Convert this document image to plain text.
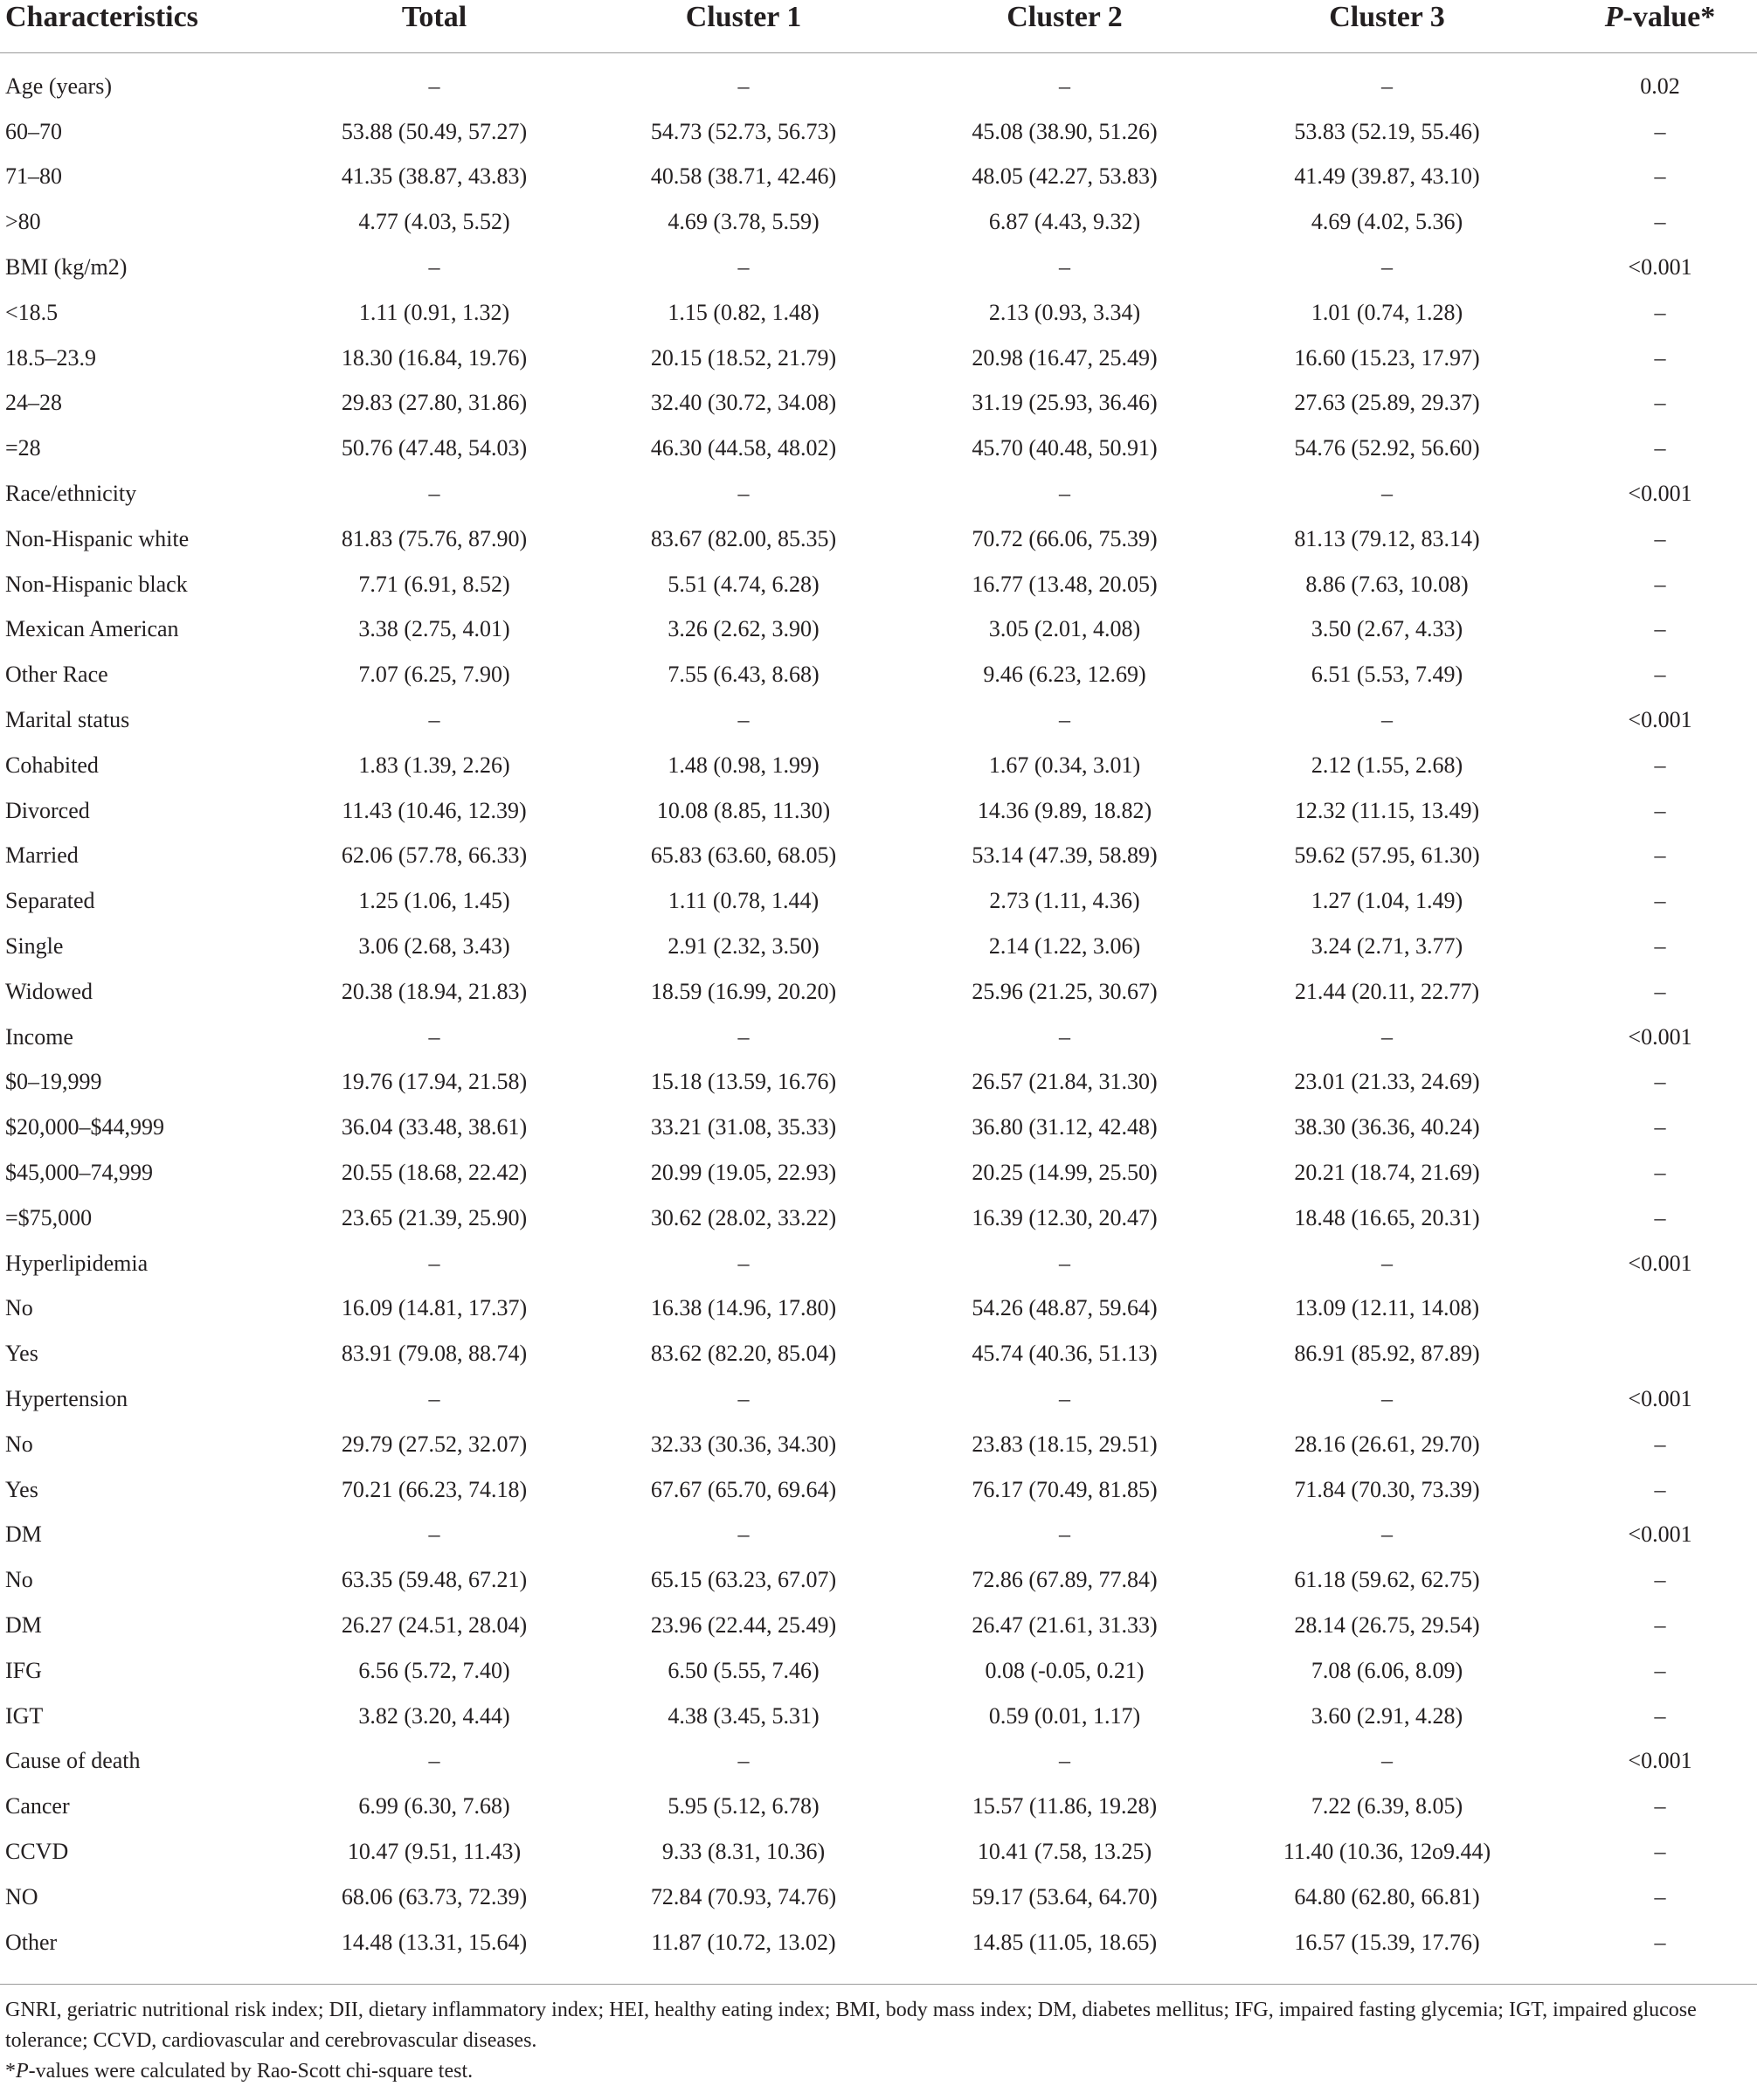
Characteristics	Total	Cluster 1	Cluster 2	Cluster 3	P-value*
Age (years)	–	–	–	–	0.02
60–70	53.88 (50.49, 57.27)	54.73 (52.73, 56.73)	45.08 (38.90, 51.26)	53.83 (52.19, 55.46)	–
71–80	41.35 (38.87, 43.83)	40.58 (38.71, 42.46)	48.05 (42.27, 53.83)	41.49 (39.87, 43.10)	–
>80	4.77 (4.03, 5.52)	4.69 (3.78, 5.59)	6.87 (4.43, 9.32)	4.69 (4.02, 5.36)	–
BMI (kg/m2)	–	–	–	–	<0.001
<18.5	1.11 (0.91, 1.32)	1.15 (0.82, 1.48)	2.13 (0.93, 3.34)	1.01 (0.74, 1.28)	–
18.5–23.9	18.30 (16.84, 19.76)	20.15 (18.52, 21.79)	20.98 (16.47, 25.49)	16.60 (15.23, 17.97)	–
24–28	29.83 (27.80, 31.86)	32.40 (30.72, 34.08)	31.19 (25.93, 36.46)	27.63 (25.89, 29.37)	–
=28	50.76 (47.48, 54.03)	46.30 (44.58, 48.02)	45.70 (40.48, 50.91)	54.76 (52.92, 56.60)	–
Race/ethnicity	–	–	–	–	<0.001
Non-Hispanic white	81.83 (75.76, 87.90)	83.67 (82.00, 85.35)	70.72 (66.06, 75.39)	81.13 (79.12, 83.14)	–
Non-Hispanic black	7.71 (6.91, 8.52)	5.51 (4.74, 6.28)	16.77 (13.48, 20.05)	8.86 (7.63, 10.08)	–
Mexican American	3.38 (2.75, 4.01)	3.26 (2.62, 3.90)	3.05 (2.01, 4.08)	3.50 (2.67, 4.33)	–
Other Race	7.07 (6.25, 7.90)	7.55 (6.43, 8.68)	9.46 (6.23, 12.69)	6.51 (5.53, 7.49)	–
Marital status	–	–	–	–	<0.001
Cohabited	1.83 (1.39, 2.26)	1.48 (0.98, 1.99)	1.67 (0.34, 3.01)	2.12 (1.55, 2.68)	–
Divorced	11.43 (10.46, 12.39)	10.08 (8.85, 11.30)	14.36 (9.89, 18.82)	12.32 (11.15, 13.49)	–
Married	62.06 (57.78, 66.33)	65.83 (63.60, 68.05)	53.14 (47.39, 58.89)	59.62 (57.95, 61.30)	–
Separated	1.25 (1.06, 1.45)	1.11 (0.78, 1.44)	2.73 (1.11, 4.36)	1.27 (1.04, 1.49)	–
Single	3.06 (2.68, 3.43)	2.91 (2.32, 3.50)	2.14 (1.22, 3.06)	3.24 (2.71, 3.77)	–
Widowed	20.38 (18.94, 21.83)	18.59 (16.99, 20.20)	25.96 (21.25, 30.67)	21.44 (20.11, 22.77)	–
Income	–	–	–	–	<0.001
$0–19,999	19.76 (17.94, 21.58)	15.18 (13.59, 16.76)	26.57 (21.84, 31.30)	23.01 (21.33, 24.69)	–
$20,000–$44,999	36.04 (33.48, 38.61)	33.21 (31.08, 35.33)	36.80 (31.12, 42.48)	38.30 (36.36, 40.24)	–
$45,000–74,999	20.55 (18.68, 22.42)	20.99 (19.05, 22.93)	20.25 (14.99, 25.50)	20.21 (18.74, 21.69)	–
=$75,000	23.65 (21.39, 25.90)	30.62 (28.02, 33.22)	16.39 (12.30, 20.47)	18.48 (16.65, 20.31)	–
Hyperlipidemia	–	–	–	–	<0.001
No	16.09 (14.81, 17.37)	16.38 (14.96, 17.80)	54.26 (48.87, 59.64)	13.09 (12.11, 14.08)	
Yes	83.91 (79.08, 88.74)	83.62 (82.20, 85.04)	45.74 (40.36, 51.13)	86.91 (85.92, 87.89)	
Hypertension	–	–	–	–	<0.001
No	29.79 (27.52, 32.07)	32.33 (30.36, 34.30)	23.83 (18.15, 29.51)	28.16 (26.61, 29.70)	–
Yes	70.21 (66.23, 74.18)	67.67 (65.70, 69.64)	76.17 (70.49, 81.85)	71.84 (70.30, 73.39)	–
DM	–	–	–	–	<0.001
No	63.35 (59.48, 67.21)	65.15 (63.23, 67.07)	72.86 (67.89, 77.84)	61.18 (59.62, 62.75)	–
DM	26.27 (24.51, 28.04)	23.96 (22.44, 25.49)	26.47 (21.61, 31.33)	28.14 (26.75, 29.54)	–
IFG	6.56 (5.72, 7.40)	6.50 (5.55, 7.46)	0.08 (-0.05, 0.21)	7.08 (6.06, 8.09)	–
IGT	3.82 (3.20, 4.44)	4.38 (3.45, 5.31)	0.59 (0.01, 1.17)	3.60 (2.91, 4.28)	–
Cause of death	–	–	–	–	<0.001
Cancer	6.99 (6.30, 7.68)	5.95 (5.12, 6.78)	15.57 (11.86, 19.28)	7.22 (6.39, 8.05)	–
CCVD	10.47 (9.51, 11.43)	9.33 (8.31, 10.36)	10.41 (7.58, 13.25)	11.40 (10.36, 12o9.44)	–
NO	68.06 (63.73, 72.39)	72.84 (70.93, 74.76)	59.17 (53.64, 64.70)	64.80 (62.80, 66.81)	–
Other	14.48 (13.31, 15.64)	11.87 (10.72, 13.02)	14.85 (11.05, 18.65)	16.57 (15.39, 17.76)	–

GNRI, geriatric nutritional risk index; DII, dietary inflammatory index; HEI, healthy eating index; BMI, body mass index; DM, diabetes mellitus; IFG, impaired fasting glycemia; IGT, impaired glucose tolerance; CCVD, cardiovascular and cerebrovascular diseases.

*P-values were calculated by Rao-Scott chi-square test.
